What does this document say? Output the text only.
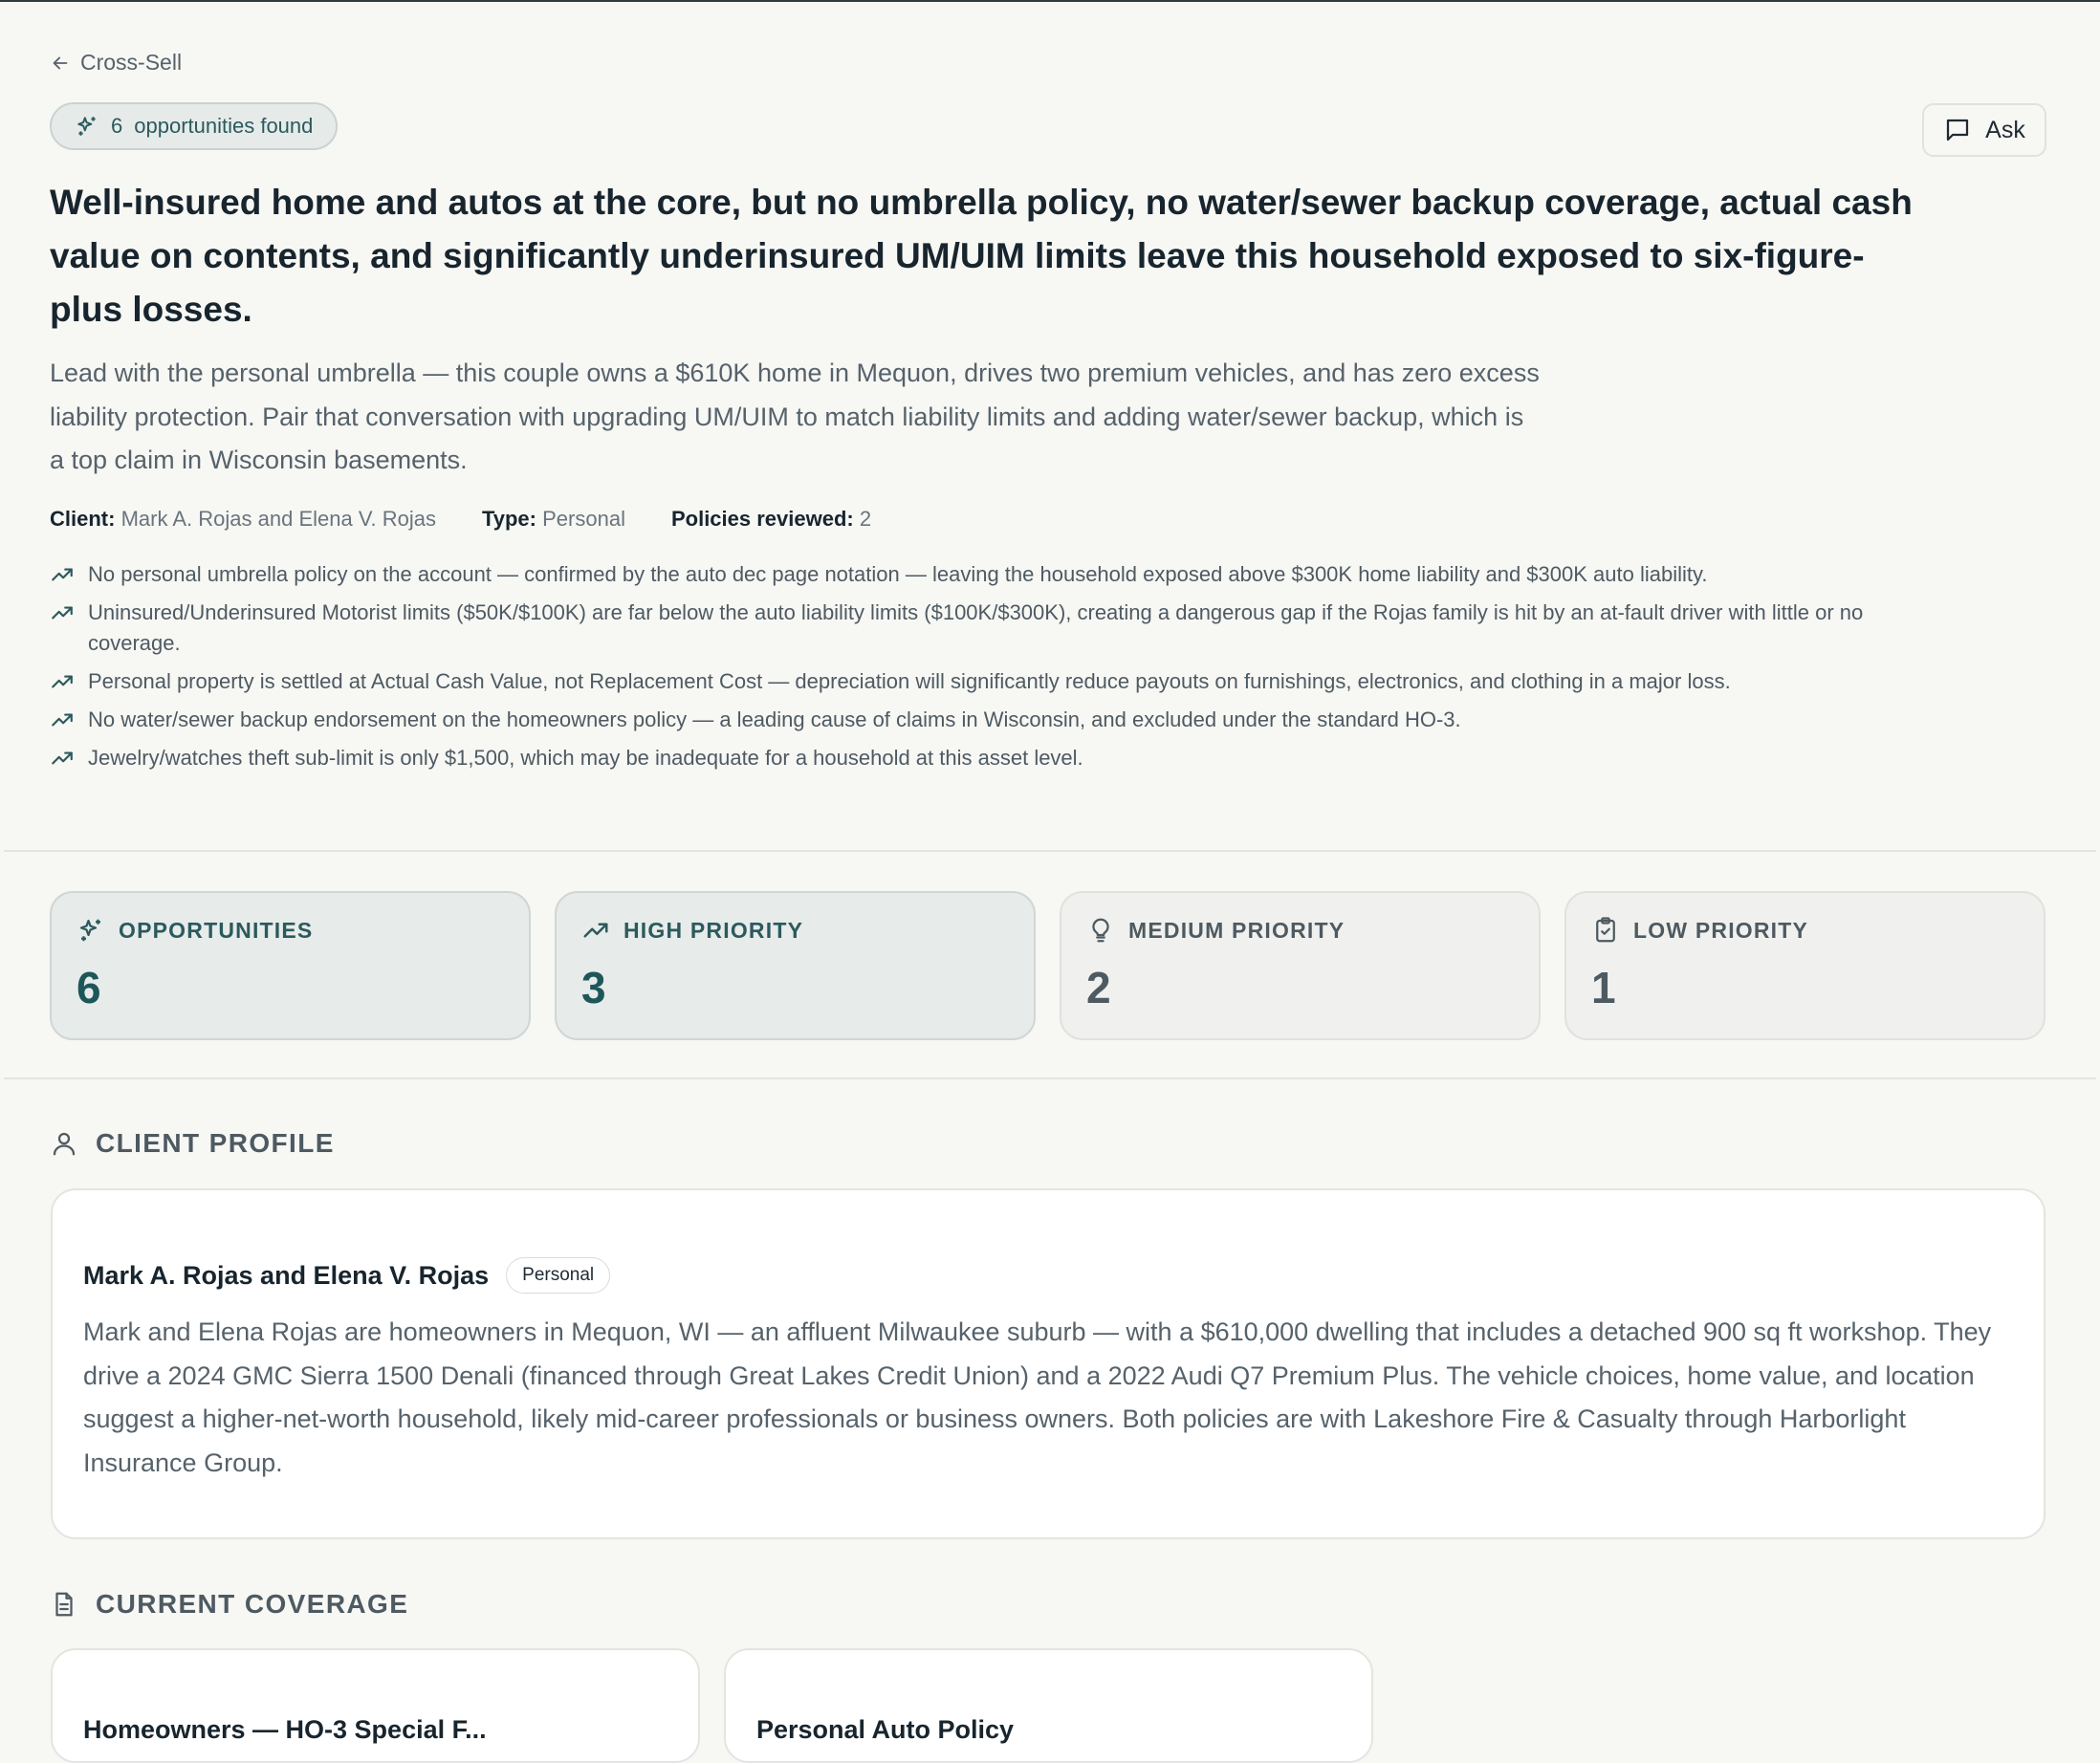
Cross-Sell
6 opportunities found	Ask
Well-insured home and autos at the core, but no umbrella policy, no water/sewer backup coverage, actual cash value on contents, and significantly underinsured UM/UIM limits leave this household exposed to six-figure-plus losses.

Lead with the personal umbrella — this couple owns a $610K home in Mequon, drives two premium vehicles, and has zero excess liability protection. Pair that conversation with upgrading UM/UIM to match liability limits and adding water/sewer backup, which is a top claim in Wisconsin basements.

Client: Mark A. Rojas and Elena V. Rojas Type: Personal Policies reviewed: 2
No personal umbrella policy on the account — confirmed by the auto dec page notation — leaving the household exposed above $300K home liability and $300K auto liability.
Uninsured/Underinsured Motorist limits ($50K/$100K) are far below the auto liability limits ($100K/$300K), creating a dangerous gap if the Rojas family is hit by an at-fault driver with little or no coverage.
Personal property is settled at Actual Cash Value, not Replacement Cost — depreciation will significantly reduce payouts on furnishings, electronics, and clothing in a major loss.
No water/sewer backup endorsement on the homeowners policy — a leading cause of claims in Wisconsin, and excluded under the standard HO-3.
Jewelry/watches theft sub-limit is only $1,500, which may be inadequate for a household at this asset level.
OPPORTUNITIES
6
HIGH PRIORITY
3
MEDIUM PRIORITY
2
LOW PRIORITY
1
CLIENT PROFILE
Mark A. Rojas and Elena V. Rojas	Personal

Mark and Elena Rojas are homeowners in Mequon, WI — an affluent Milwaukee suburb — with a $610,000 dwelling that includes a detached 900 sq ft workshop. They drive a 2024 GMC Sierra 1500 Denali (financed through Great Lakes Credit Union) and a 2022 Audi Q7 Premium Plus. The vehicle choices, home value, and location suggest a higher-net-worth household, likely mid-career professionals or business owners. Both policies are with Lakeshore Fire & Casualty through Harborlight Insurance Group.

CURRENT COVERAGE
Homeowners — HO-3 Special F...	Personal Auto Policy
